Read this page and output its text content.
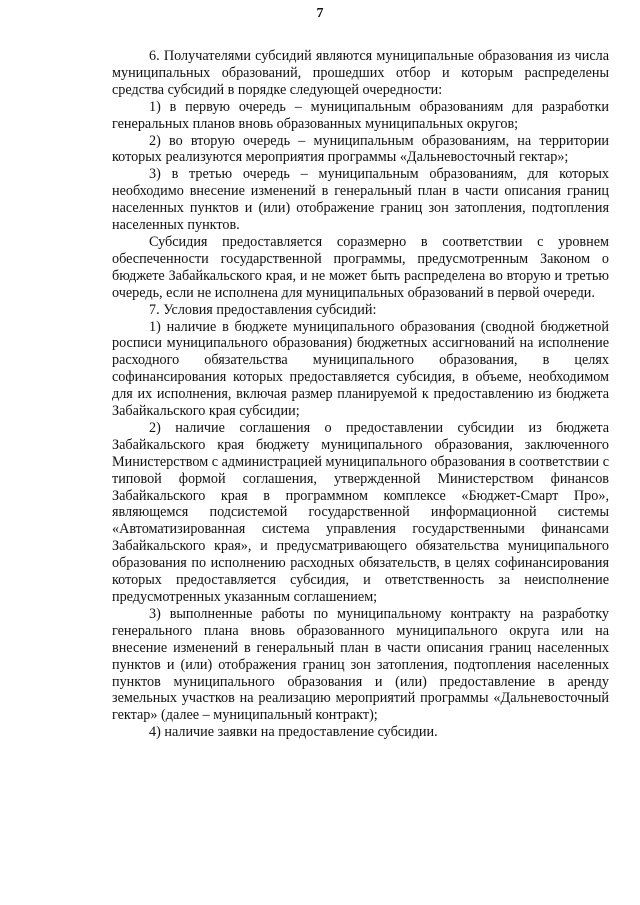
7

6. Получателями субсидий являются муниципальные образования из числа муниципальных образований, прошедших отбор и которым распределены средства субсидий в порядке следующей очередности:

1) в первую очередь – муниципальным образованиям для разработки генеральных планов вновь образованных муниципальных округов;

2) во вторую очередь – муниципальным образованиям, на территории которых реализуются мероприятия программы «Дальневосточный гектар»;

3) в третью очередь – муниципальным образованиям, для которых необходимо внесение изменений в генеральный план в части описания границ населенных пунктов и (или) отображение границ зон затопления, подтопления населенных пунктов.

Субсидия предоставляется соразмерно в соответствии с уровнем обеспеченности государственной программы, предусмотренным Законом о бюджете Забайкальского края, и не может быть распределена во вторую и третью очередь, если не исполнена для муниципальных образований в первой очереди.

7. Условия предоставления субсидий:

1) наличие в бюджете муниципального образования (сводной бюджетной росписи муниципального образования) бюджетных ассигнований на исполнение расходного обязательства муниципального образования, в целях софинансирования которых предоставляется субсидия, в объеме, необходимом для их исполнения, включая размер планируемой к предоставлению из бюджета Забайкальского края субсидии;

2) наличие соглашения о предоставлении субсидии из бюджета Забайкальского края бюджету муниципального образования, заключенного Министерством с администрацией муниципального образования в соответствии с типовой формой соглашения, утвержденной Министерством финансов Забайкальского края в программном комплексе «Бюджет-Смарт Про», являющемся подсистемой государственной информационной системы «Автоматизированная система управления государственными финансами Забайкальского края», и предусматривающего обязательства муниципального образования по исполнению расходных обязательств, в целях софинансирования которых предоставляется субсидия, и ответственность за неисполнение предусмотренных указанным соглашением;

3) выполненные работы по муниципальному контракту на разработку генерального плана вновь образованного муниципального округа или на внесение изменений в генеральный план в части описания границ населенных пунктов и (или) отображения границ зон затопления, подтопления населенных пунктов муниципального образования и (или) предоставление в аренду земельных участков на реализацию мероприятий программы «Дальневосточный гектар» (далее – муниципальный контракт);

4) наличие заявки на предоставление субсидии.
